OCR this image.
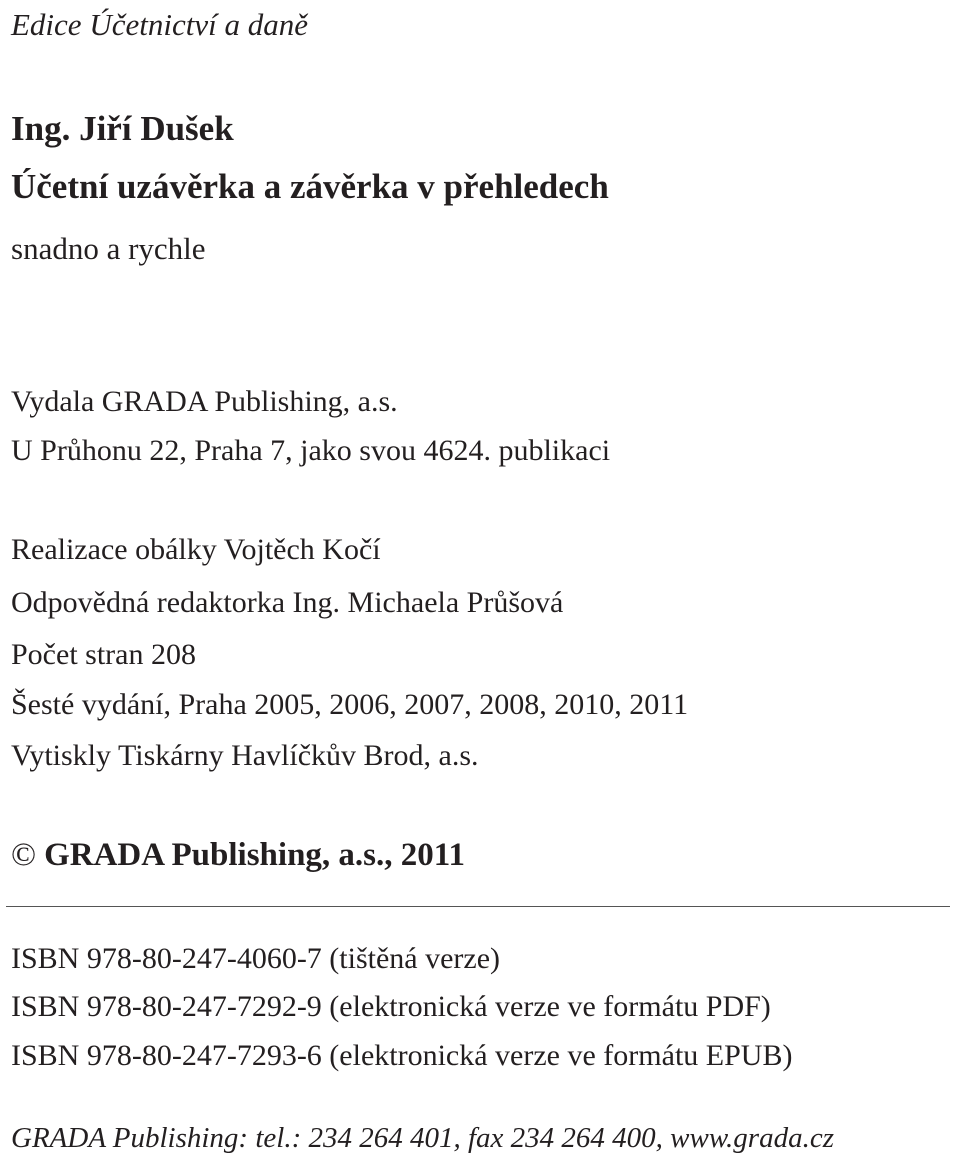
Edice Účetnictví a daně
Ing. Jiří Dušek
Účetní uzávěrka a závěrka v přehledech
snadno a rychle
Vydala GRADA Publishing, a.s.
U Průhonu 22, Praha 7, jako svou 4624. publikaci
Realizace obálky Vojtěch Kočí
Odpovědná redaktorka Ing. Michaela Průšová
Počet stran 208
Šesté vydání, Praha 2005, 2006, 2007, 2008, 2010, 2011
Vytiskly Tiskárny Havlíčkův Brod, a.s.
© GRADA Publishing, a.s., 2011
ISBN 978-80-247-4060-7 (tištěná verze)
ISBN 978-80-247-7292-9 (elektronická verze ve formátu PDF)
ISBN 978-80-247-7293-6 (elektronická verze ve formátu EPUB)
GRADA Publishing: tel.: 234 264 401, fax 234 264 400, www.grada.cz
